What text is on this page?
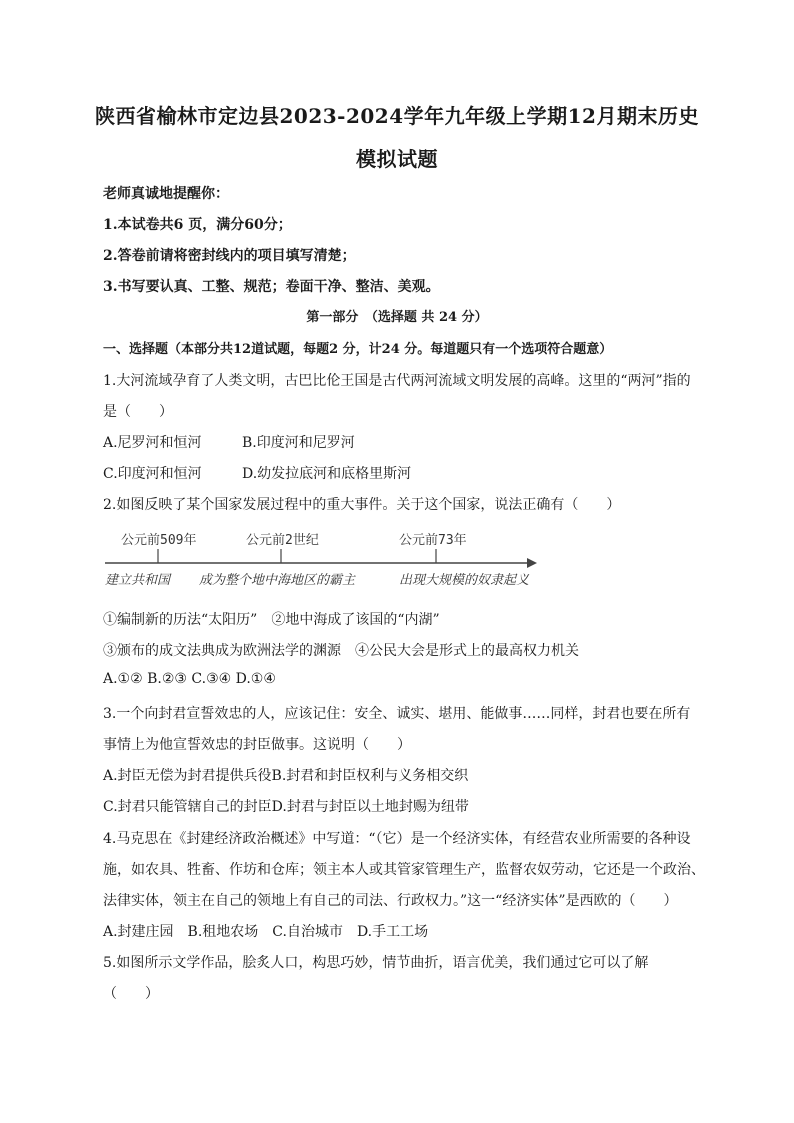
陕西省榆林市定边县2023-2024学年九年级上学期12月期末历史
模拟试题
老师真诚地提醒你：
1.本试卷共6 页，满分60分；
2.答卷前请将密封线内的项目填写清楚；
3.书写要认真、工整、规范；卷面干净、整洁、美观。
第一部分　（选择题 共 24 分）
一、选择题（本部分共12道试题，每题2 分，计24 分。每道题只有一个选项符合题意）
1.大河流域孕育了人类文明，古巴比伦王国是古代两河流域文明发展的高峰。这里的“两河”指的
是（　　）
A.尼罗河和恒河	B.印度河和尼罗河
C.印度河和恒河	D.幼发拉底河和底格里斯河
2.如图反映了某个国家发展过程中的重大事件。关于这个国家，说法正确有（　　）
公元前509年	公元前2世纪	公元前73年
建立共和国 成为整个地中海地区的霸主	出现大规模的奴隶起义
①编制新的历法“太阳历”　②地中海成了该国的“内湖”
③颁布的成文法典成为欧洲法学的渊源　④公民大会是形式上的最高权力机关
A.①② B.②③ C.③④ D.①④
3.一个向封君宣誓效忠的人，应该记住：安全、诚实、堪用、能做事……同样，封君也要在所有
事情上为他宣誓效忠的封臣做事。这说明（　　）
A.封臣无偿为封君提供兵役B.封君和封臣权利与义务相交织
C.封君只能管辖自己的封臣D.封君与封臣以土地封赐为纽带
4.马克思在《封建经济政治概述》中写道：“（它）是一个经济实体，有经营农业所需要的各种设
施，如农具、牲畜、作坊和仓库；领主本人或其管家管理生产，监督农奴劳动，它还是一个政治、
法律实体，领主在自己的领地上有自己的司法、行政权力。”这一“经济实体”是西欧的（　　）
A.封建庄园　B.租地农场　C.自治城市　D.手工工场
5.如图所示文学作品，脍炙人口，构思巧妙，情节曲折，语言优美，我们通过它可以了解
（　　）
